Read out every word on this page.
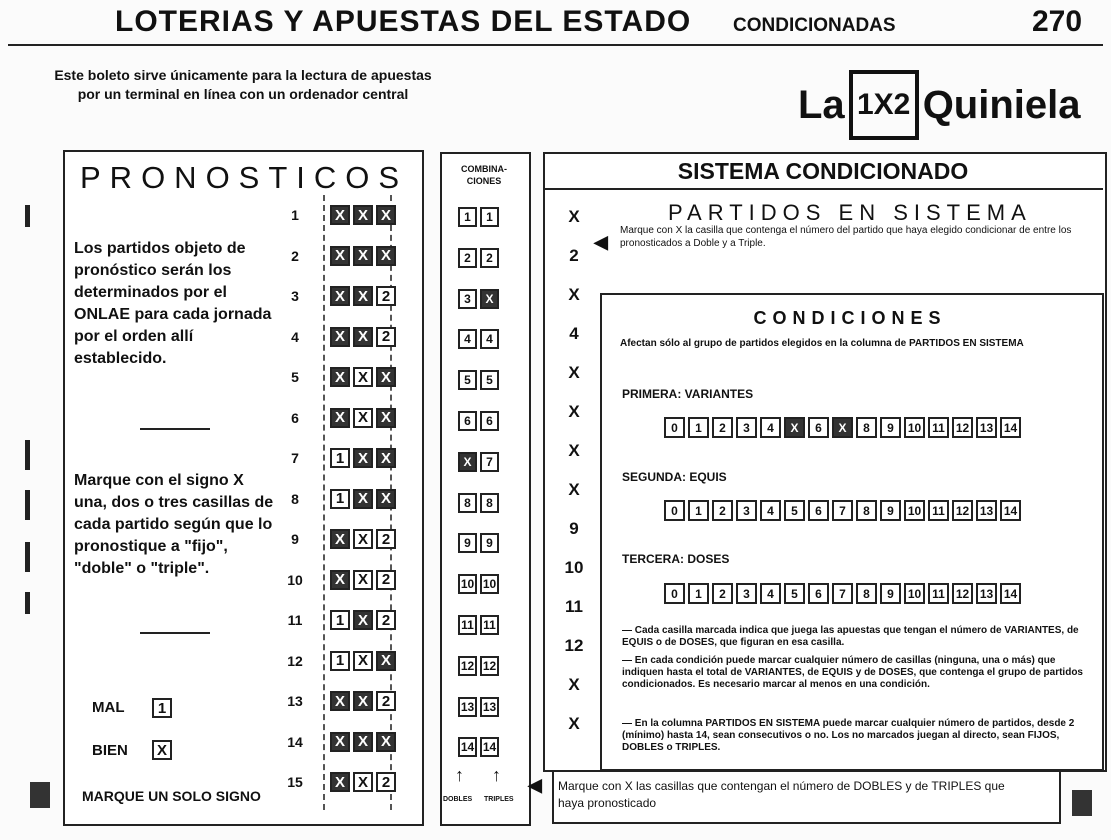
LOTERIAS Y APUESTAS DEL ESTADO CONDICIONADAS	270
Este boleto sirve únicamente para la lectura de apuestas
por un terminal en línea con un ordenador central	La 1X2 Quiniela
PRONOSTICOS
Los partidos objeto de pronóstico serán los determinados por el ONLAE para cada jornada por el orden allí establecido.
Marque con el signo X una, dos o tres casillas de cada partido según que lo pronostique a "fijo", "doble" o "triple".
MAL	1
BIEN	X
MARQUE UN SOLO SIGNO
1	X X X
2	X X X
3	X X 2
4	X X 2
5	X X X
6	X X X
7	1 X X
8	1 X X
9	X X 2
10	X X 2
11	1 X 2
12	1 X X
13	X X 2
14	X X X
15	X X 2
COMBINA-CIONES
1	1
2	2
3	X
4	4
5	5
6	6
X	7
8	8
9	9
10 10
11 11
12 12
13 13
14 14
↑ ↑
DOBLES TRIPLES
◀
SISTEMA CONDICIONADO
PARTIDOS EN SISTEMA
Marque con X la casilla que contenga el número del partido que haya elegido condicionar de entre los pronosticados a Doble y a Triple.
◀
X
2
X
4
X
X
X
X
9
10
11
12
X
X
CONDICIONES
Afectan sólo al grupo de partidos elegidos en la columna de PARTIDOS EN SISTEMA
PRIMERA: VARIANTES
0	1	2	3	4	X	6	X	8	9	10 11 12 13 14
SEGUNDA: EQUIS
0	1	2	3	4	5	6	7	8	9	10 11 12 13 14
TERCERA: DOSES
0	1	2	3	4	5	6	7	8	9	10 11 12 13 14
— Cada casilla marcada indica que juega las apuestas que tengan el número de VARIANTES, de EQUIS o de DOSES, que figuran en esa casilla.
— En cada condición puede marcar cualquier número de casillas (ninguna, una o más) que indiquen hasta el total de VARIANTES, de EQUIS y de DOSES, que contenga el grupo de partidos condicionados. Es necesario marcar al menos en una condición.
— En la columna PARTIDOS EN SISTEMA puede marcar cualquier número de partidos, desde 2 (mínimo) hasta 14, sean consecutivos o no. Los no marcados juegan al directo, sean FIJOS, DOBLES o TRIPLES.
Marque con X las casillas que contengan el número de DOBLES y de TRIPLES que haya pronosticado
